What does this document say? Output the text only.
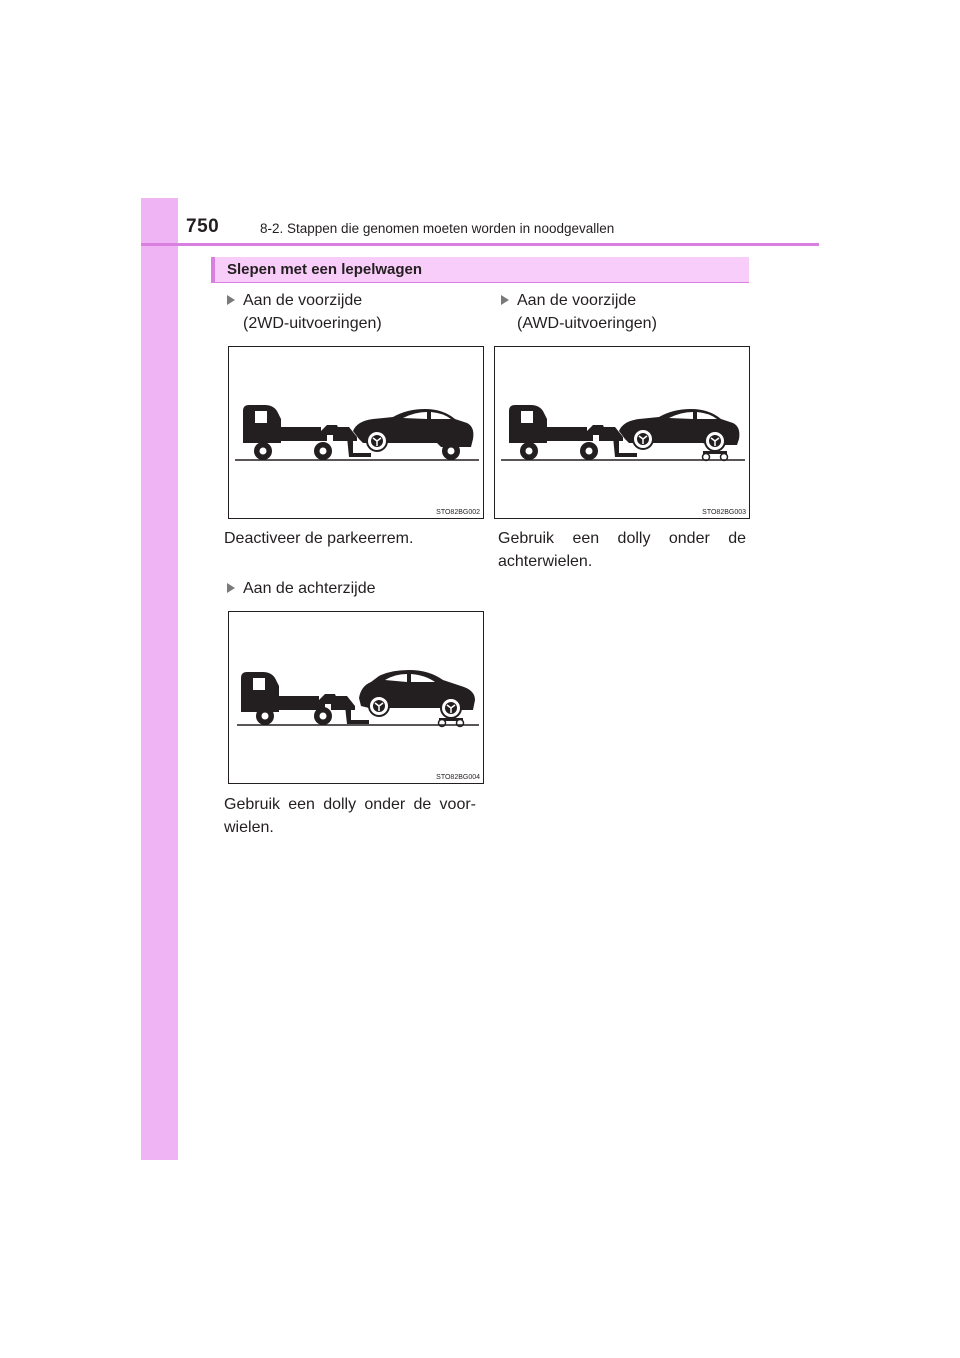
750	8-2. Stappen die genomen moeten worden in noodgevallen
Slepen met een lepelwagen
Aan de voorzijde
(2WD-uitvoeringen)
Aan de voorzijde
(AWD-uitvoeringen)
STO82BG002	STO82BG003
Deactiveer de parkeerrem.	Gebruik een dolly onder de
achterwielen.
Aan de achterzijde
STO82BG004
Gebruik een dolly onder de voor-
wielen.
